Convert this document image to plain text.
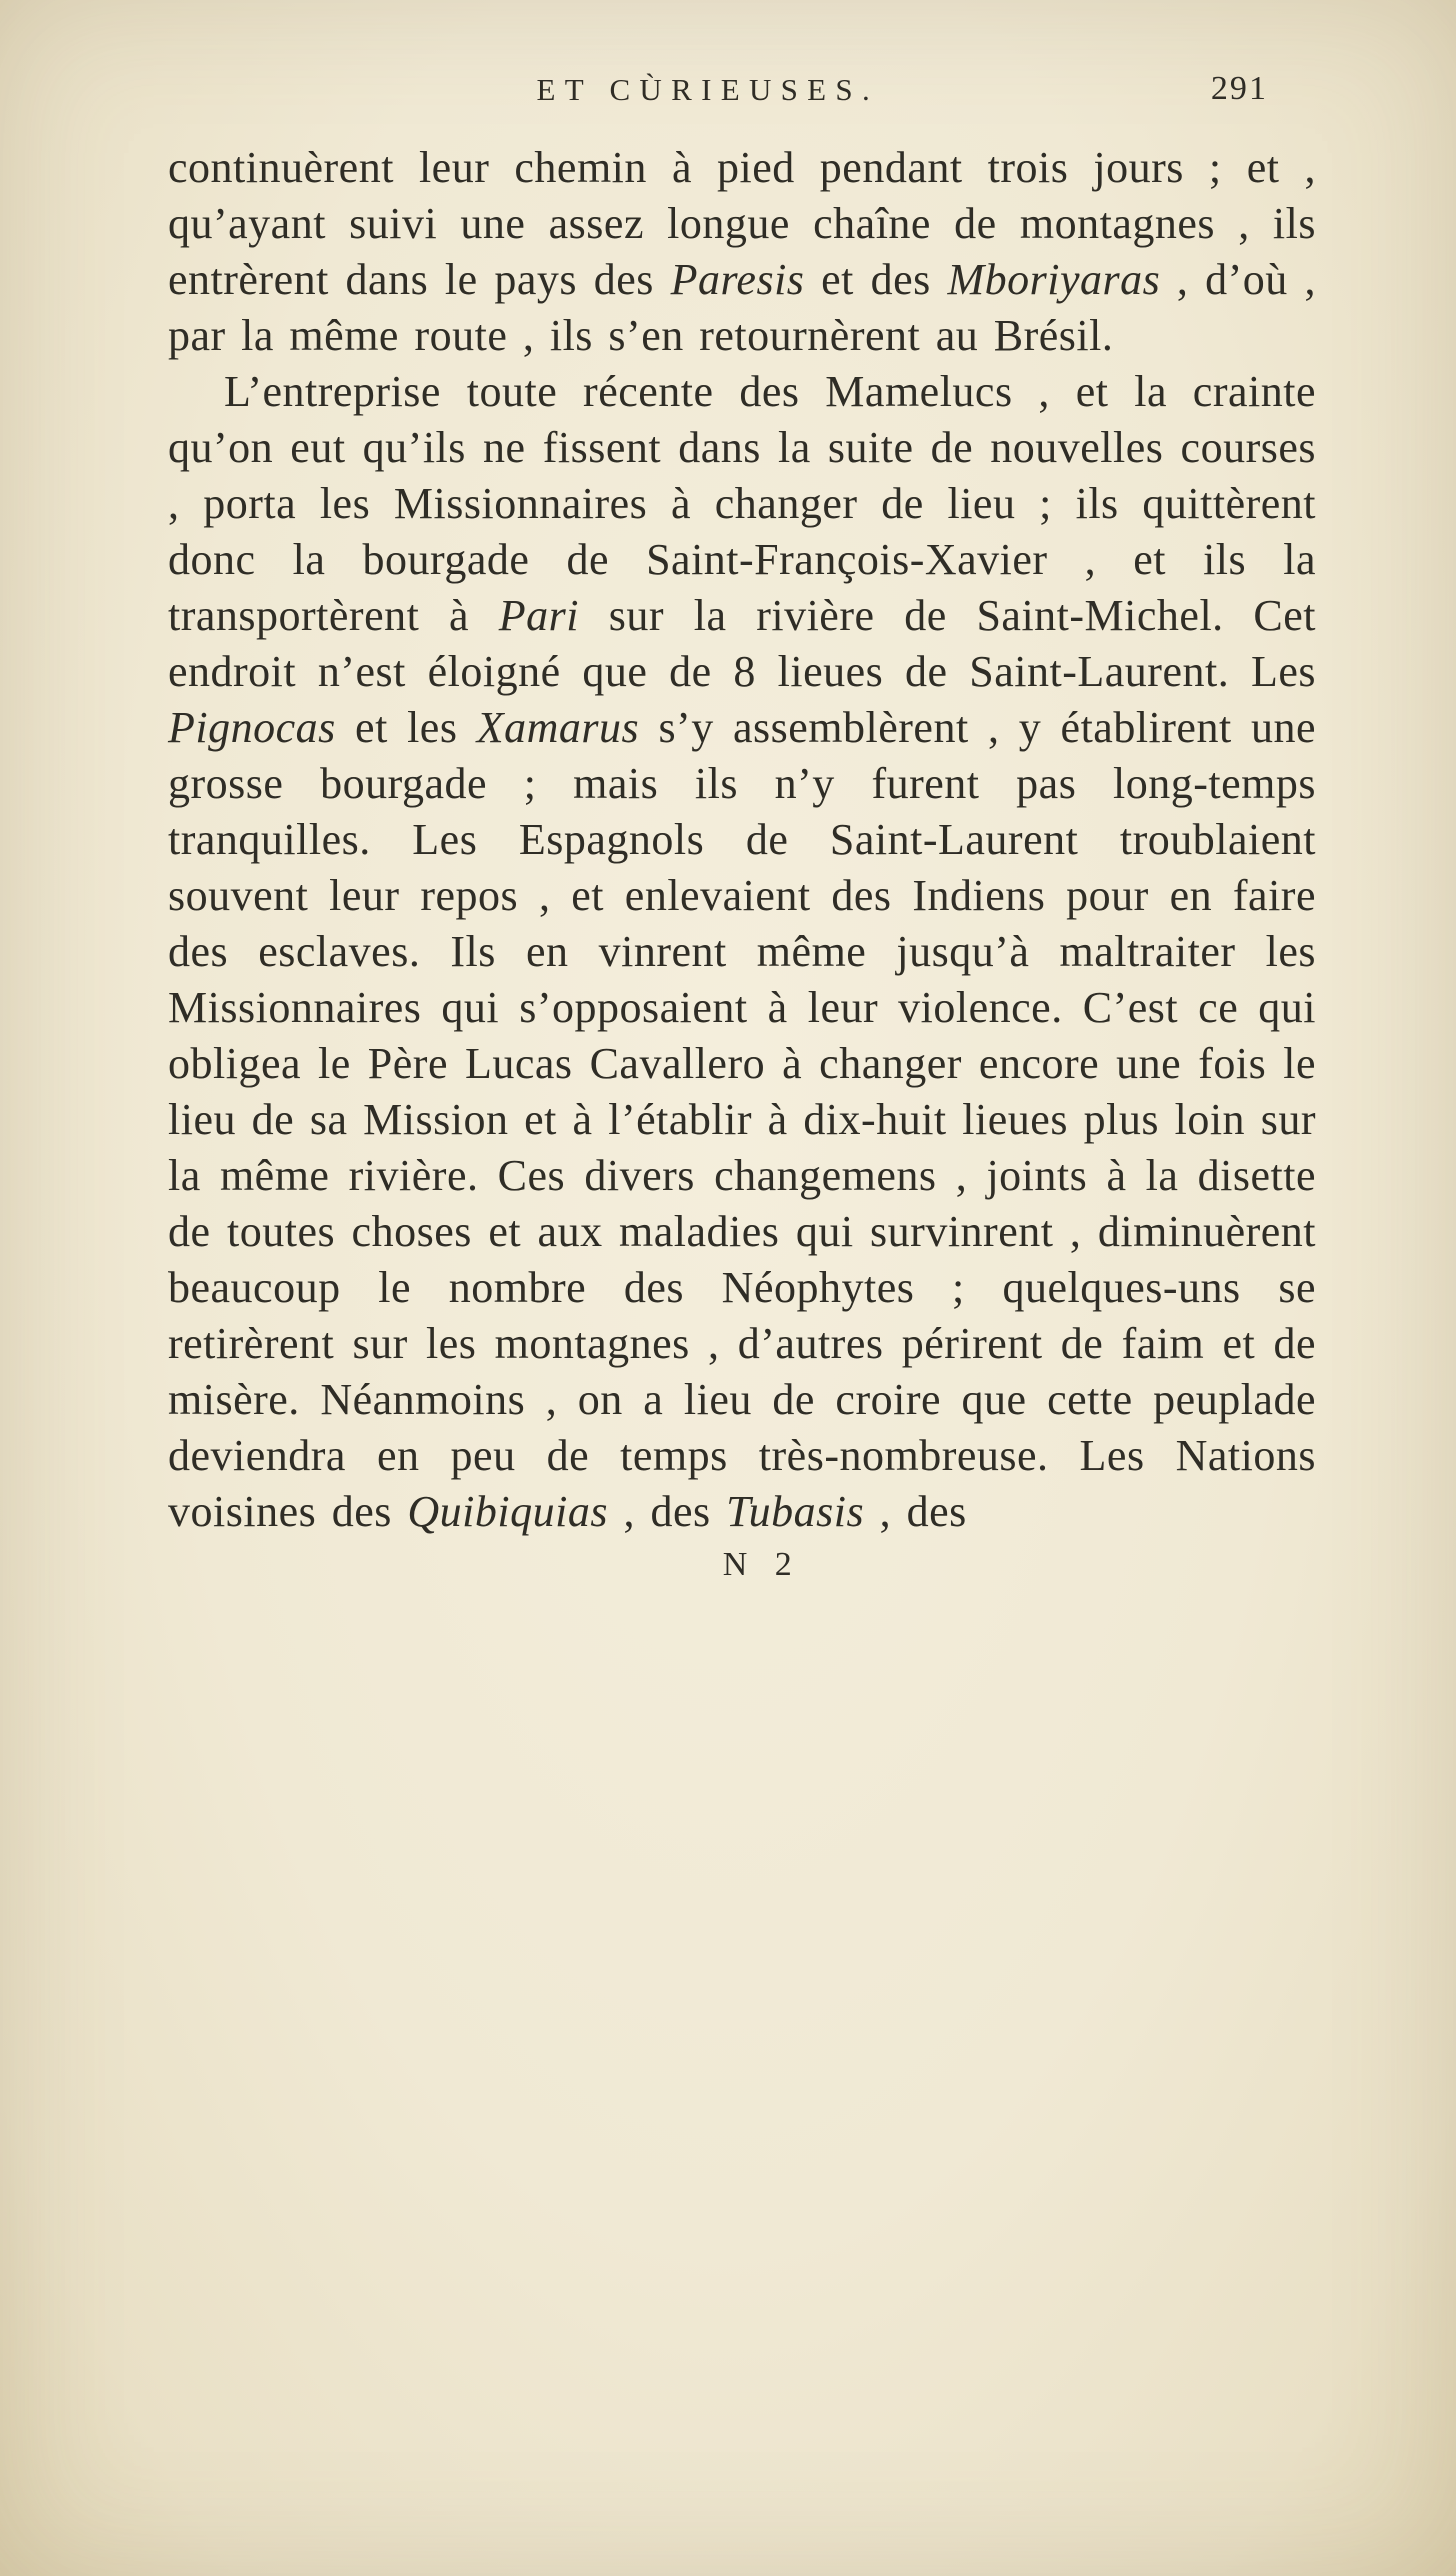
ET CÙRIEUSES.	291

continuèrent leur chemin à pied pendant trois jours ; et , qu’ayant suivi une assez longue chaîne de montagnes , ils entrèrent dans le pays des Paresis et des Mboriyaras , d’où , par la même route , ils s’en retournèrent au Brésil.

L’entreprise toute récente des Mamelucs , et la crainte qu’on eut qu’ils ne fissent dans la suite de nouvelles courses , porta les Missionnaires à changer de lieu ; ils quittèrent donc la bourgade de Saint-François-Xavier , et ils la transportèrent à Pari sur la rivière de Saint-Michel. Cet endroit n’est éloigné que de 8 lieues de Saint-Laurent. Les Pignocas et les Xamarus s’y assemblèrent , y établirent une grosse bourgade ; mais ils n’y furent pas long-temps tranquilles. Les Espagnols de Saint-Laurent troublaient souvent leur repos , et enlevaient des Indiens pour en faire des esclaves. Ils en vinrent même jusqu’à maltraiter les Missionnaires qui s’opposaient à leur violence. C’est ce qui obligea le Père Lucas Cavallero à changer encore une fois le lieu de sa Mission et à l’établir à dix-huit lieues plus loin sur la même rivière. Ces divers changemens , joints à la disette de toutes choses et aux maladies qui survinrent , diminuèrent beaucoup le nombre des Néophytes ; quelques-uns se retirèrent sur les montagnes , d’autres périrent de faim et de misère. Néanmoins , on a lieu de croire que cette peuplade deviendra en peu de temps très-nombreuse. Les Nations voisines des Quibiquias , des Tubasis , des

N 2
